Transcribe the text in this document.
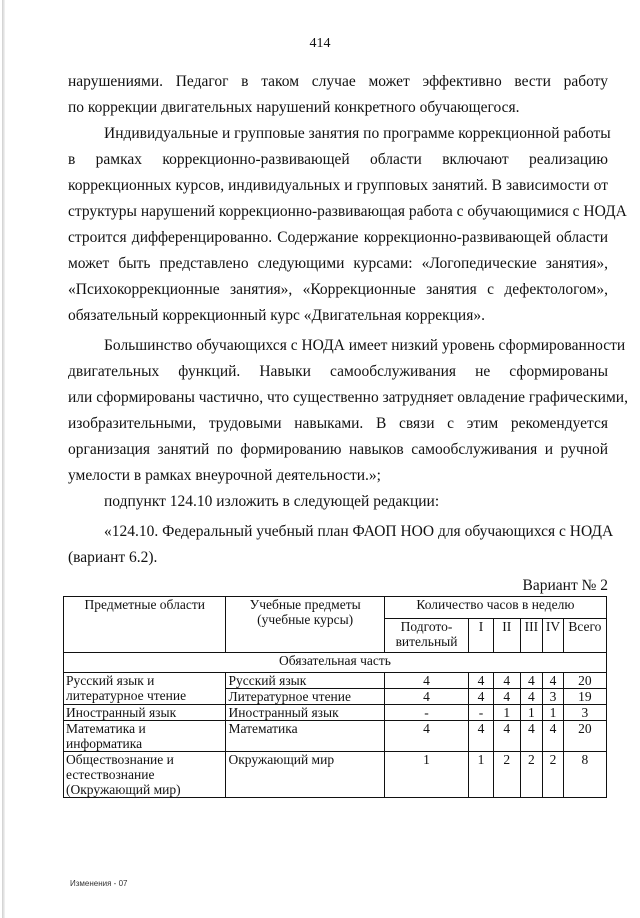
414
нарушениями. Педагог в таком случае может эффективно вести работу
по коррекции двигательных нарушений конкретного обучающегося.
Индивидуальные и групповые занятия по программе коррекционной работы
в рамках коррекционно-развивающей области включают реализацию
коррекционных курсов, индивидуальных и групповых занятий. В зависимости от
структуры нарушений коррекционно-развивающая работа с обучающимися с НОДА
строится дифференцированно. Содержание коррекционно-развивающей области
может быть представлено следующими курсами: «Логопедические занятия»,
«Психокоррекционные занятия», «Коррекционные занятия с дефектологом»,
обязательный коррекционный курс «Двигательная коррекция».
Большинство обучающихся с НОДА имеет низкий уровень сформированности
двигательных функций. Навыки самообслуживания не сформированы
или сформированы частично, что существенно затрудняет овладение графическими,
изобразительными, трудовыми навыками. В связи с этим рекомендуется
организация занятий по формированию навыков самообслуживания и ручной
умелости в рамках внеурочной деятельности.»;
подпункт 124.10 изложить в следующей редакции:
«124.10. Федеральный учебный план ФАОП НОО для обучающихся с НОДА
(вариант 6.2).
Вариант № 2
Предметные области	Учебные предметы (учебные курсы)	Количество часов в неделю					
		Подгото-вительный	I	II	III	IV	Всего
Обязательная часть							
Русский язык и литературное чтение	Русский язык	4	4	4	4	4	20
	Литературное чтение	4	4	4	4	3	19
Иностранный язык	Иностранный язык	-	-	1	1	1	3
Математика и информатика	Математика	4	4	4	4	4	20
Обществознание и естествознание (Окружающий мир)	Окружающий мир	1	1	2	2	2	8
Изменения - 07
